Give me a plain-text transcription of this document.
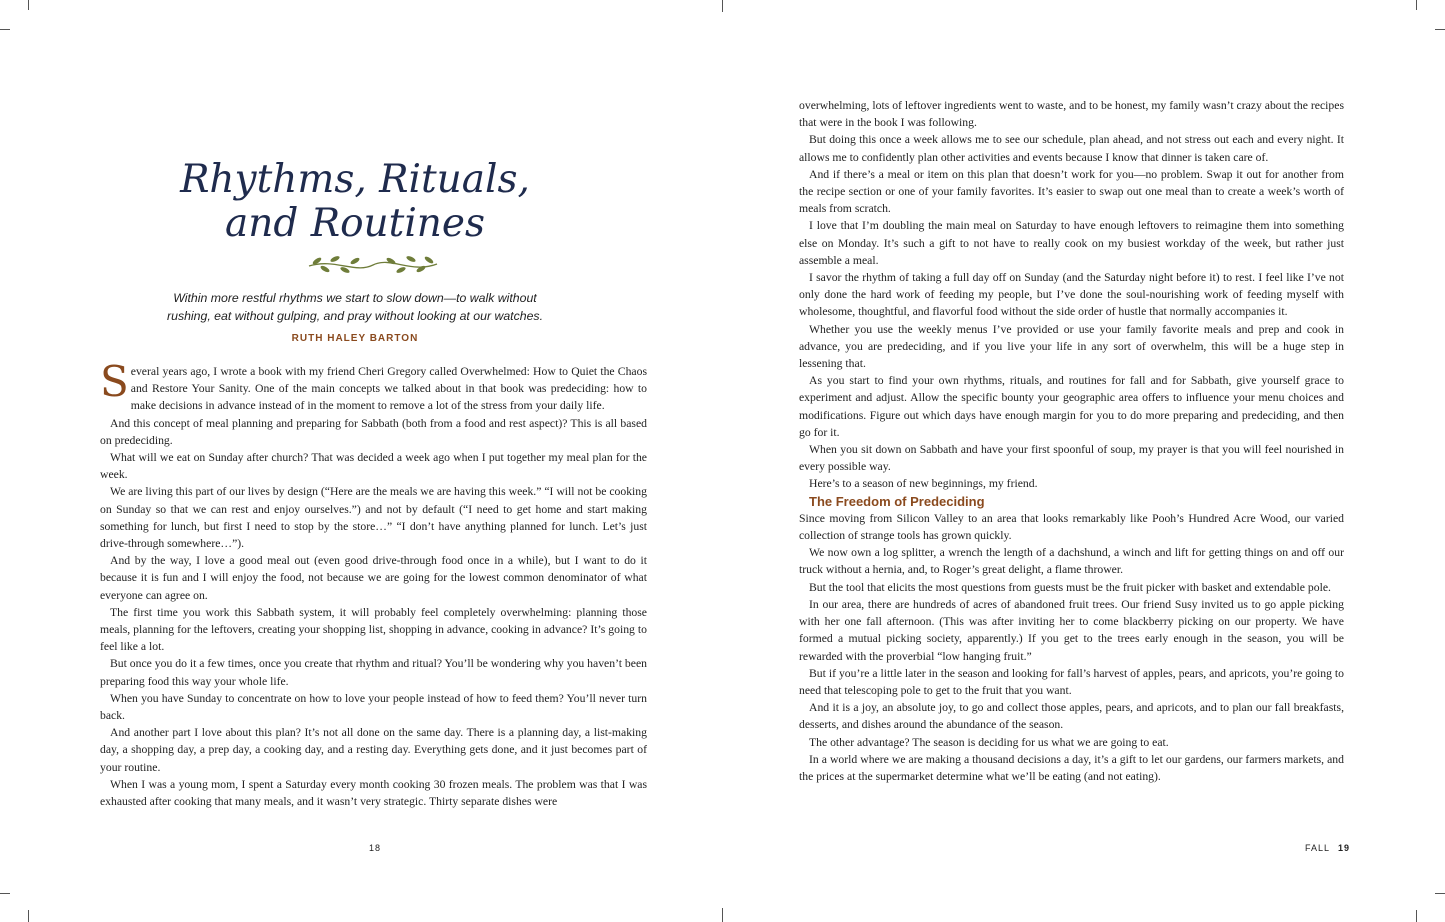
Rhythms, Rituals, and Routines
Within more restful rhythms we start to slow down—to walk without rushing, eat without gulping, and pray without looking at our watches.
RUTH HALEY BARTON

Several years ago, I wrote a book with my friend Cheri Gregory called Overwhelmed: How to Quiet the Chaos and Restore Your Sanity. One of the main concepts we talked about in that book was predeciding: how to make decisions in advance instead of in the moment to remove a lot of the stress from your daily life.

And this concept of meal planning and preparing for Sabbath (both from a food and rest aspect)? This is all based on predeciding.

What will we eat on Sunday after church? That was decided a week ago when I put together my meal plan for the week.

We are living this part of our lives by design (“Here are the meals we are having this week.” “I will not be cooking on Sunday so that we can rest and enjoy ourselves.”) and not by default (“I need to get home and start making something for lunch, but first I need to stop by the store…” “I don’t have anything planned for lunch. Let’s just drive-through somewhere…”).

And by the way, I love a good meal out (even good drive-through food once in a while), but I want to do it because it is fun and I will enjoy the food, not because we are going for the lowest common denominator of what everyone can agree on.

The first time you work this Sabbath system, it will probably feel completely overwhelming: planning those meals, planning for the leftovers, creating your shopping list, shopping in advance, cooking in advance? It’s going to feel like a lot.

But once you do it a few times, once you create that rhythm and ritual? You’ll be wondering why you haven’t been preparing food this way your whole life.

When you have Sunday to concentrate on how to love your people instead of how to feed them? You’ll never turn back.

And another part I love about this plan? It’s not all done on the same day. There is a planning day, a list-making day, a shopping day, a prep day, a cooking day, and a resting day. Everything gets done, and it just becomes part of your routine.

When I was a young mom, I spent a Saturday every month cooking 30 frozen meals. The problem was that I was exhausted after cooking that many meals, and it wasn’t very strategic. Thirty separate dishes were

18

overwhelming, lots of leftover ingredients went to waste, and to be honest, my family wasn’t crazy about the recipes that were in the book I was following.

But doing this once a week allows me to see our schedule, plan ahead, and not stress out each and every night. It allows me to confidently plan other activities and events because I know that dinner is taken care of.

And if there’s a meal or item on this plan that doesn’t work for you—no problem. Swap it out for another from the recipe section or one of your family favorites. It’s easier to swap out one meal than to create a week’s worth of meals from scratch.

I love that I’m doubling the main meal on Saturday to have enough leftovers to reimagine them into something else on Monday. It’s such a gift to not have to really cook on my busiest workday of the week, but rather just assemble a meal.

I savor the rhythm of taking a full day off on Sunday (and the Saturday night before it) to rest. I feel like I’ve not only done the hard work of feeding my people, but I’ve done the soul-nourishing work of feeding myself with wholesome, thoughtful, and flavorful food without the side order of hustle that normally accompanies it.

Whether you use the weekly menus I’ve provided or use your family favorite meals and prep and cook in advance, you are predeciding, and if you live your life in any sort of overwhelm, this will be a huge step in lessening that.

As you start to find your own rhythms, rituals, and routines for fall and for Sabbath, give yourself grace to experiment and adjust. Allow the specific bounty your geographic area offers to influence your menu choices and modifications. Figure out which days have enough margin for you to do more preparing and predeciding, and then go for it.

When you sit down on Sabbath and have your first spoonful of soup, my prayer is that you will feel nourished in every possible way.

Here’s to a season of new beginnings, my friend.

The Freedom of Predeciding

Since moving from Silicon Valley to an area that looks remarkably like Pooh’s Hundred Acre Wood, our varied collection of strange tools has grown quickly.

We now own a log splitter, a wrench the length of a dachshund, a winch and lift for getting things on and off our truck without a hernia, and, to Roger’s great delight, a flame thrower.

But the tool that elicits the most questions from guests must be the fruit picker with basket and extendable pole.

In our area, there are hundreds of acres of abandoned fruit trees. Our friend Susy invited us to go apple picking with her one fall afternoon. (This was after inviting her to come blackberry picking on our property. We have formed a mutual picking society, apparently.) If you get to the trees early enough in the season, you will be rewarded with the proverbial “low hanging fruit.”

But if you’re a little later in the season and looking for fall’s harvest of apples, pears, and apricots, you’re going to need that telescoping pole to get to the fruit that you want.

And it is a joy, an absolute joy, to go and collect those apples, pears, and apricots, and to plan our fall breakfasts, desserts, and dishes around the abundance of the season.

The other advantage? The season is deciding for us what we are going to eat.

In a world where we are making a thousand decisions a day, it’s a gift to let our gardens, our farmers markets, and the prices at the supermarket determine what we’ll be eating (and not eating).

FALL 19
